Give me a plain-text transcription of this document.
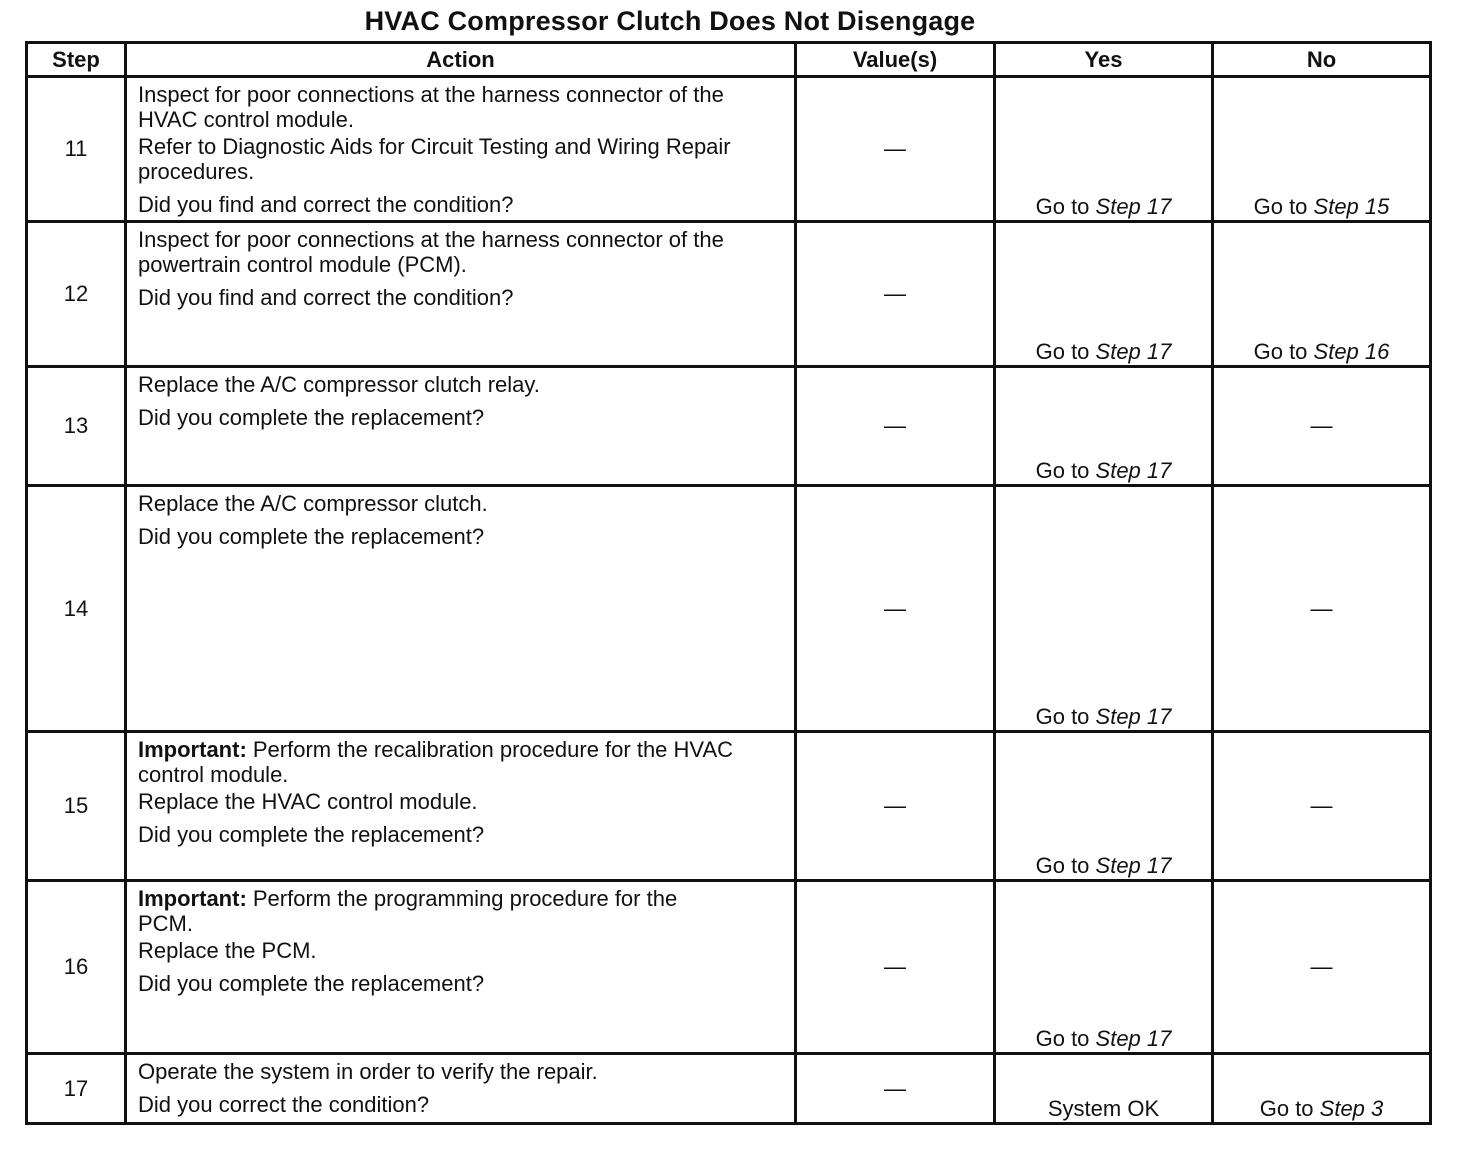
HVAC Compressor Clutch Does Not Disengage
Step	Action	Value(s)	Yes	No
11	Inspect for poor connections at the harness connector of the HVAC control module.

Refer to Diagnostic Aids for Circuit Testing and Wiring Repair procedures.

Did you find and correct the condition?	—	Go to Step 17	Go to Step 15
12	Inspect for poor connections at the harness connector of the powertrain control module (PCM).

Did you find and correct the condition?	—	Go to Step 17	Go to Step 16
13	Replace the A/C compressor clutch relay.

Did you complete the replacement?	—	Go to Step 17	—
14	Replace the A/C compressor clutch.

Did you complete the replacement?	—	Go to Step 17	—
15	Important: Perform the recalibration procedure for the HVAC control module.

Replace the HVAC control module.

Did you complete the replacement?	—	Go to Step 17	—
16	Important: Perform the programming procedure for the PCM.

Replace the PCM.

Did you complete the replacement?	—	Go to Step 17	—
17	Operate the system in order to verify the repair.

Did you correct the condition?	—	System OK	Go to Step 3
